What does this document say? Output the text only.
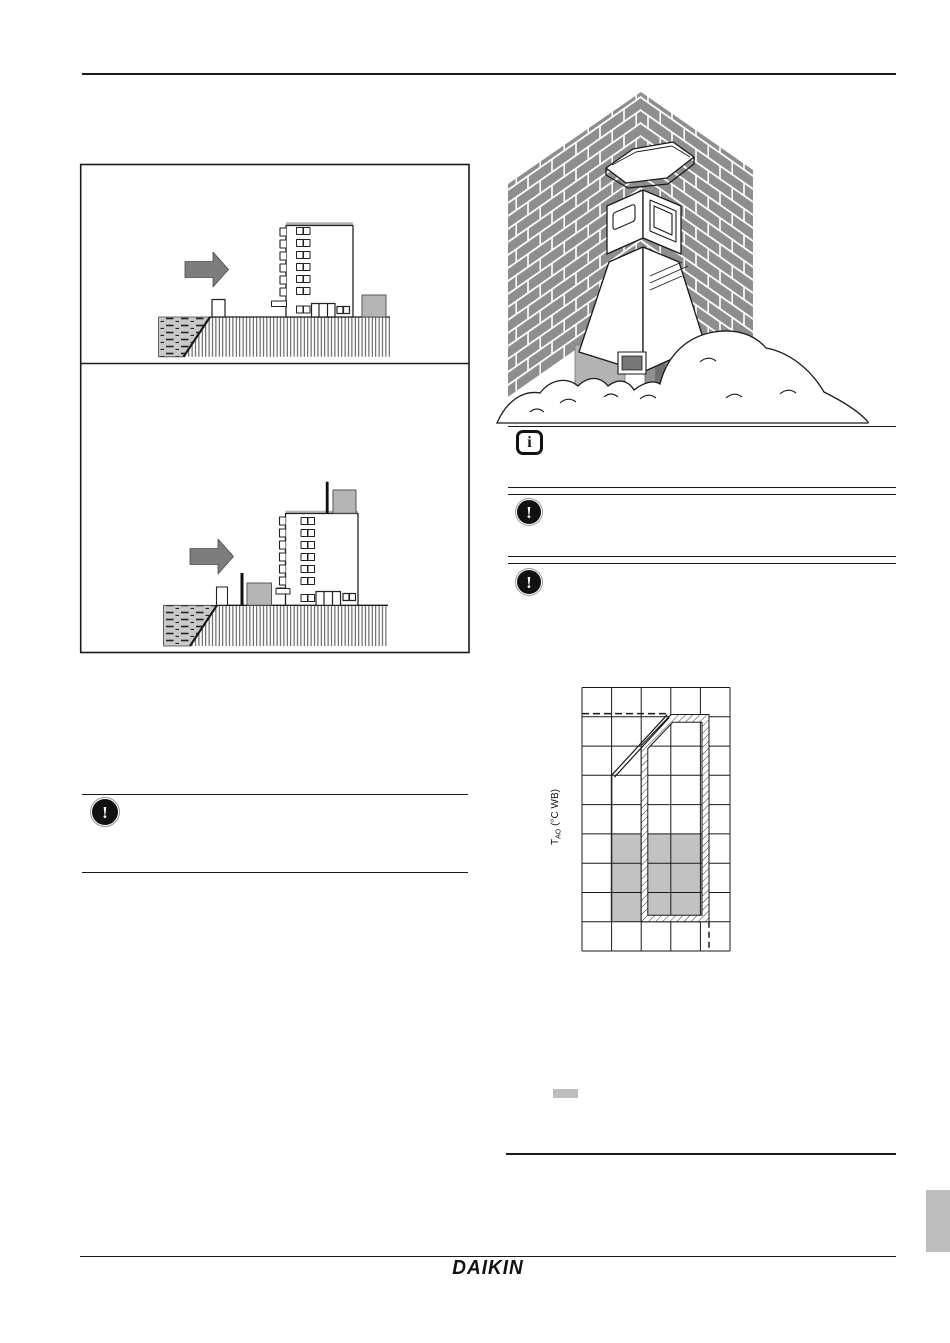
i
!
!
!
$T_{AO}(^\circ C$ WB)
DAIKIN
